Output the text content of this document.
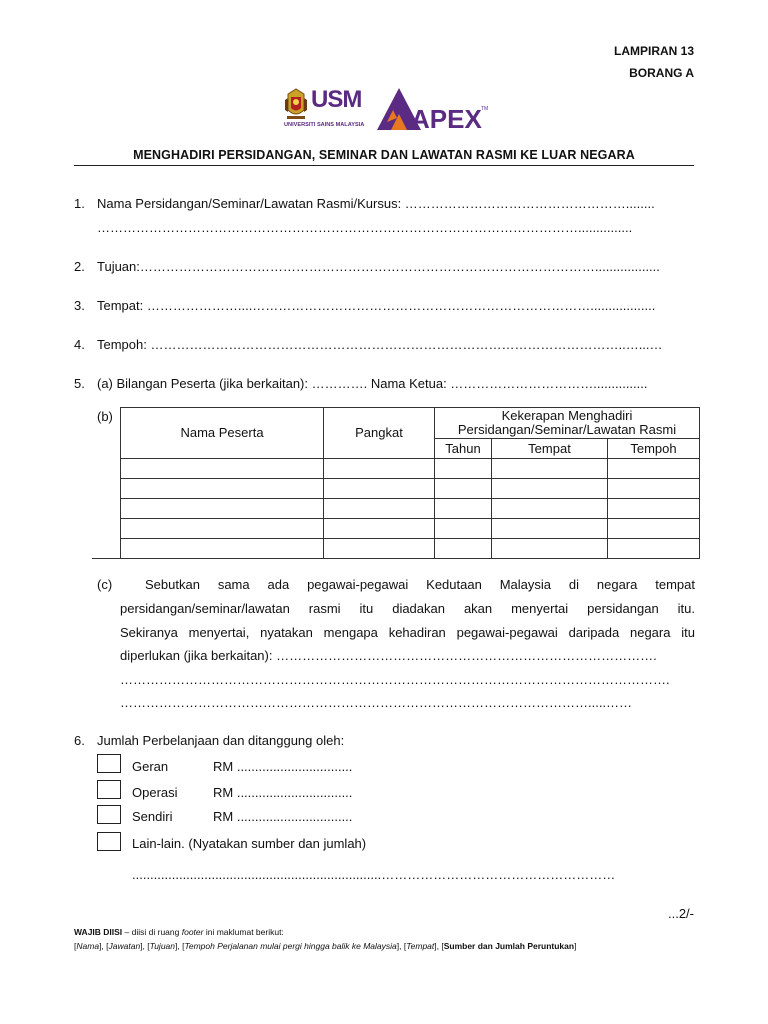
LAMPIRAN 13
BORANG A
USM
UNIVERSITI SAINS MALAYSIA APEX TM
MENGHADIRI PERSIDANGAN, SEMINAR DAN LAWATAN RASMI KE LUAR NEGARA
1. Nama Persidangan/Seminar/Lawatan Rasmi/Kursus: ……………………………………………........
…………………………………………………………………………………………………...............
2. Tujuan:……………………………………………………………………………………………..................
3. Tempat: …………………....……………………………………………………………………..................
4. Tempoh: ………………………………………………………………………………………………..…...…
5. (a) Bilangan Peserta (jika berkaitan): …………. Nama Ketua: ……………………………...............
(b)
Nama Peserta	Pangkat	Kekerapan Menghadiri
Persidangan/Seminar/Lawatan Rasmi		

		Tahun	Tempat	Tempoh

(c)	Sebutkan sama ada pegawai-pegawai Kedutaan Malaysia di negara tempat
persidangan/seminar/lawatan rasmi itu diadakan akan menyertai persidangan itu.
Sekiranya menyertai, nyatakan mengapa kehadiran pegawai-pegawai daripada negara itu
diperlukan (jika berkaitan): …………………………………………………………………………….
……………………………………………………………………………………………………………….
……………………………………………………………………………………………….....……
6. Jumlah Perbelanjaan dan ditanggung oleh:
Geran	RM ................................
Operasi	RM ................................
Sendiri	RM ................................
Lain-lain. (Nyatakan sumber dan jumlah)
.....................................................................………………………………………………
...2/-
WAJIB DIISI – diisi di ruang footer ini maklumat berikut:
[Nama], [Jawatan], [Tujuan], [Tempoh Perjalanan mulai pergi hingga balik ke Malaysia], [Tempat], [Sumber dan Jumlah Peruntukan]
